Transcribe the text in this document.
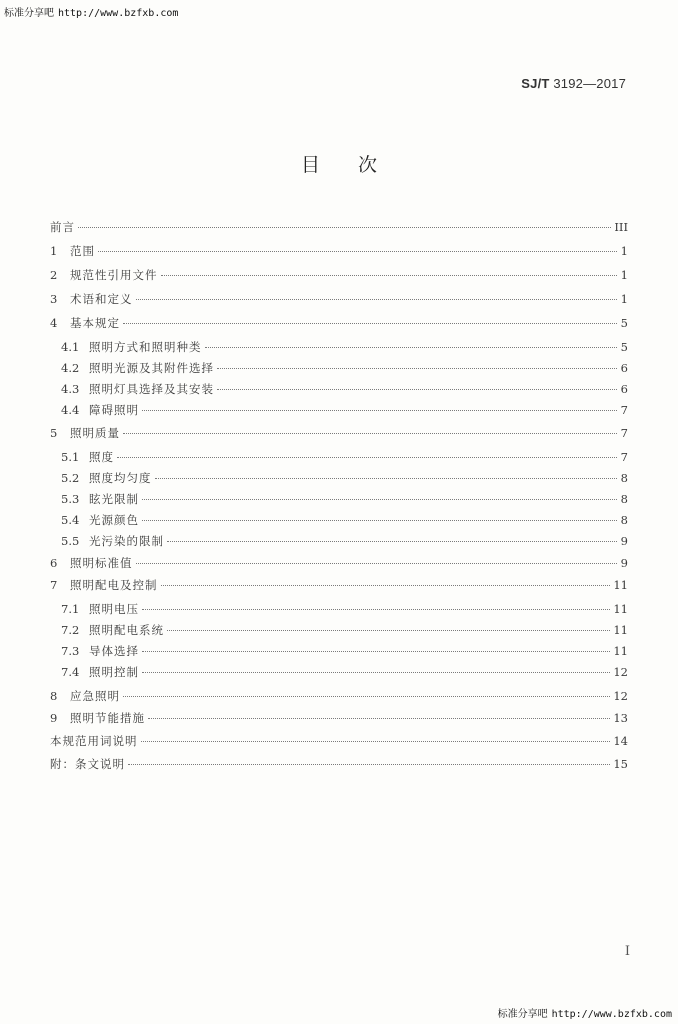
标准分享吧 http://www.bzfxb.com
SJ/T 3192—2017
目次
前言	III
1	范围	1
2	规范性引用文件	1
3	术语和定义	1
4	基本规定	5
4.1 照明方式和照明种类	5
4.2 照明光源及其附件选择	6
4.3 照明灯具选择及其安装	6
4.4 障碍照明	7
5	照明质量	7
5.1 照度	7
5.2 照度均匀度	8
5.3 眩光限制	8
5.4 光源颜色	8
5.5 光污染的限制	9
6	照明标准值	9
7	照明配电及控制	11
7.1 照明电压	11
7.2 照明配电系统	11
7.3 导体选择	11
7.4 照明控制	12
8	应急照明	12
9	照明节能措施	13
本规范用词说明	14
附：条文说明	15
I
标准分享吧 http://www.bzfxb.com
